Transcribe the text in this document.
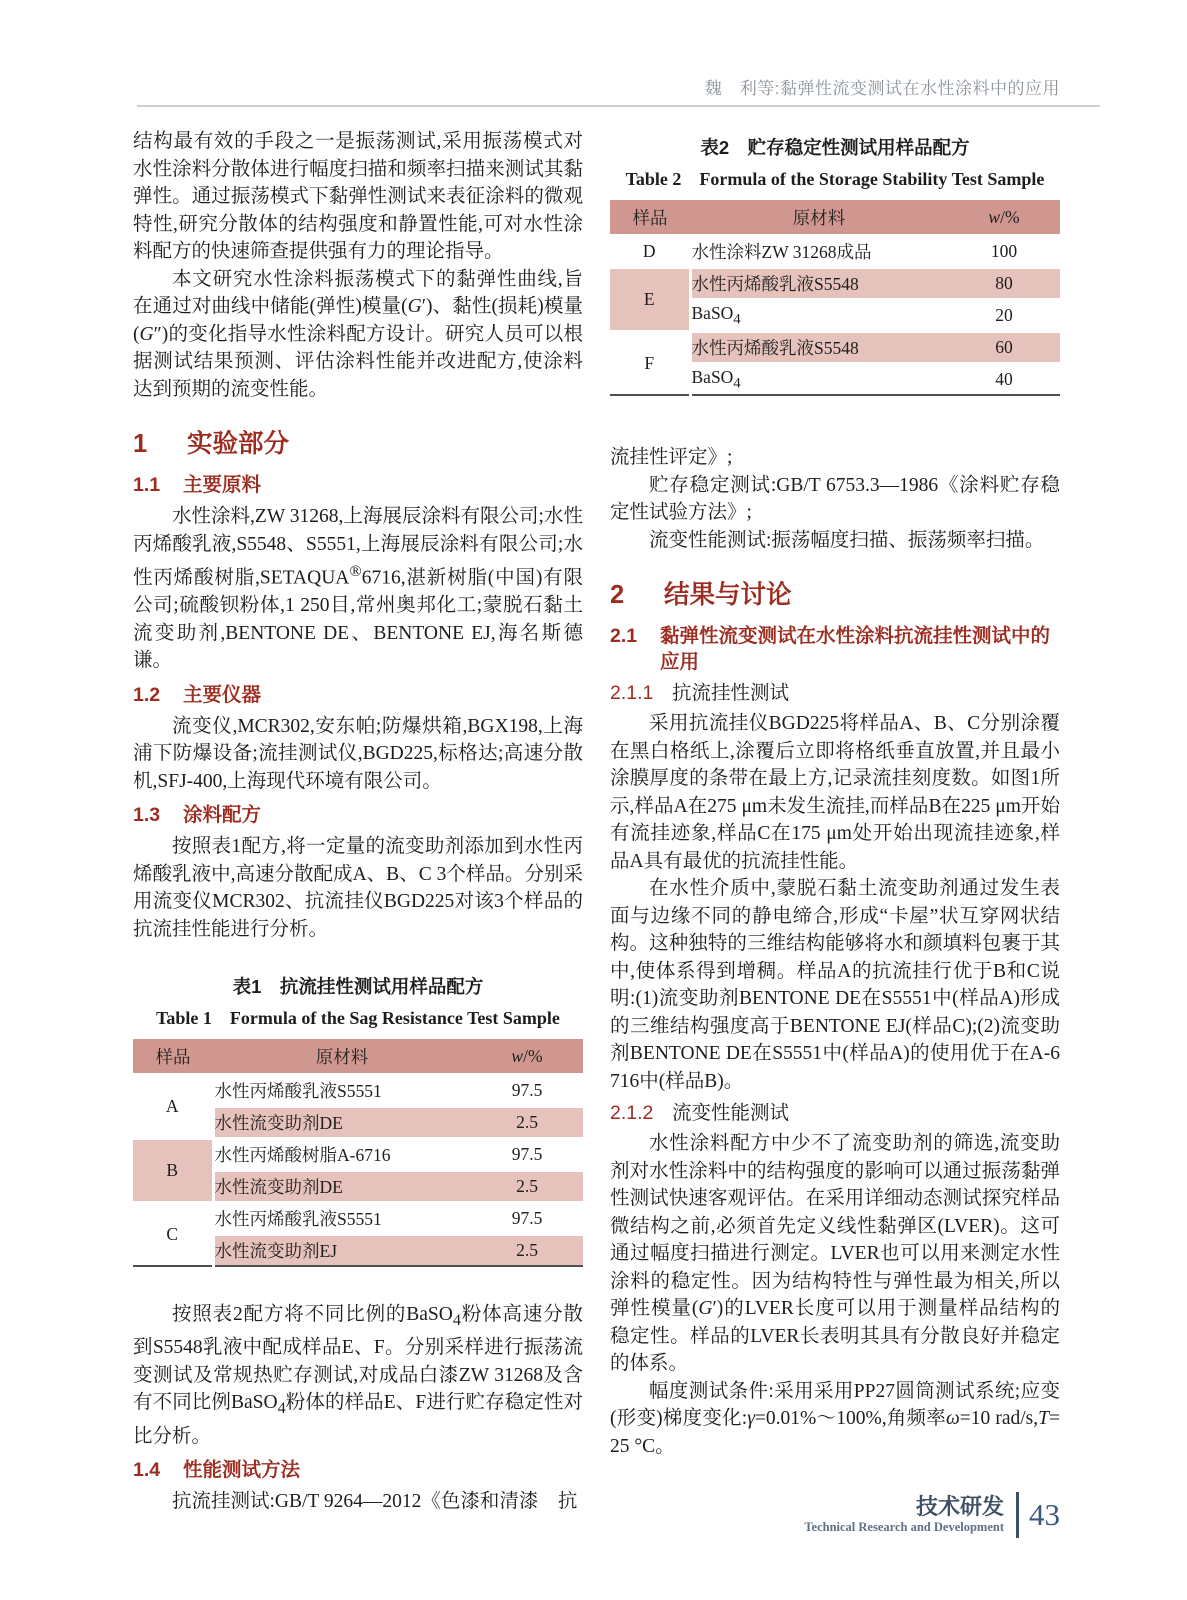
魏　利等:黏弹性流变测试在水性涂料中的应用

结构最有效的手段之一是振荡测试,采用振荡模式对水性涂料分散体进行幅度扫描和频率扫描来测试其黏弹性。通过振荡模式下黏弹性测试来表征涂料的微观特性,研究分散体的结构强度和静置性能,可对水性涂料配方的快速筛查提供强有力的理论指导。

本文研究水性涂料振荡模式下的黏弹性曲线,旨在通过对曲线中储能(弹性)模量(G′)、黏性(损耗)模量(G″)的变化指导水性涂料配方设计。研究人员可以根据测试结果预测、评估涂料性能并改进配方,使涂料达到预期的流变性能。

1	实验部分
1.1	主要原料

水性涂料,ZW 31268,上海展辰涂料有限公司;水性丙烯酸乳液,S5548、S5551,上海展辰涂料有限公司;水性丙烯酸树脂,SETAQUA®6716,湛新树脂(中国)有限公司;硫酸钡粉体,1 250目,常州奥邦化工;蒙脱石黏土流变助剂,BENTONE DE、BENTONE EJ,海名斯德谦。

1.2	主要仪器

流变仪,MCR302,安东帕;防爆烘箱,BGX198,上海浦下防爆设备;流挂测试仪,BGD225,标格达;高速分散机,SFJ-400,上海现代环境有限公司。

1.3	涂料配方

按照表1配方,将一定量的流变助剂添加到水性丙烯酸乳液中,高速分散配成A、B、C 3个样品。分别采用流变仪MCR302、抗流挂仪BGD225对该3个样品的抗流挂性能进行分析。

表1　抗流挂性测试用样品配方
Table 1　Formula of the Sag Resistance Test Sample
样品	原材料	w/%
A	水性丙烯酸乳液S5551	97.5
	水性流变助剂DE	2.5
B	水性丙烯酸树脂A-6716	97.5
	水性流变助剂DE	2.5
C	水性丙烯酸乳液S5551	97.5
	水性流变助剂EJ	2.5

按照表2配方将不同比例的BaSO$_4$粉体高速分散到S5548乳液中配成样品E、F。分别采样进行振荡流变测试及常规热贮存测试,对成品白漆ZW 31268及含有不同比例BaSO$_4$粉体的样品E、F进行贮存稳定性对比分析。

1.4	性能测试方法

抗流挂测试:GB/T 9264—2012《色漆和清漆　抗

表2　贮存稳定性测试用样品配方
Table 2　Formula of the Storage Stability Test Sample
样品	原材料	w/%
D	水性涂料ZW 31268成品	100
E	水性丙烯酸乳液S5548	80
	BaSO$_4$	20
F	水性丙烯酸乳液S5548	60
	BaSO$_4$	40

流挂性评定》;

贮存稳定测试:GB/T 6753.3—1986《涂料贮存稳定性试验方法》;

流变性能测试:振荡幅度扫描、振荡频率扫描。

2	结果与讨论
2.1	黏弹性流变测试在水性涂料抗流挂性测试中的应用
2.1.1 抗流挂性测试

采用抗流挂仪BGD225将样品A、B、C分别涂覆在黑白格纸上,涂覆后立即将格纸垂直放置,并且最小涂膜厚度的条带在最上方,记录流挂刻度数。如图1所示,样品A在275 μm未发生流挂,而样品B在225 μm开始有流挂迹象,样品C在175 μm处开始出现流挂迹象,样品A具有最优的抗流挂性能。

在水性介质中,蒙脱石黏土流变助剂通过发生表面与边缘不同的静电缔合,形成“卡屋”状互穿网状结构。这种独特的三维结构能够将水和颜填料包裹于其中,使体系得到增稠。样品A的抗流挂行优于B和C说明:(1)流变助剂BENTONE DE在S5551中(样品A)形成的三维结构强度高于BENTONE EJ(样品C);(2)流变助剂BENTONE DE在S5551中(样品A)的使用优于在A-6716中(样品B)。

2.1.2 流变性能测试

水性涂料配方中少不了流变助剂的筛选,流变助剂对水性涂料中的结构强度的影响可以通过振荡黏弹性测试快速客观评估。在采用详细动态测试探究样品微结构之前,必须首先定义线性黏弹区(LVER)。这可通过幅度扫描进行测定。LVER也可以用来测定水性涂料的稳定性。因为结构特性与弹性最为相关,所以弹性模量(G′)的LVER长度可以用于测量样品结构的稳定性。样品的LVER长表明其具有分散良好并稳定的体系。

幅度测试条件:采用采用PP27圆筒测试系统;应变(形变)梯度变化:γ=0.01%～100%,角频率ω=10 rad/s,T=25 °C。

技术研发
Technical Research and Development 43
